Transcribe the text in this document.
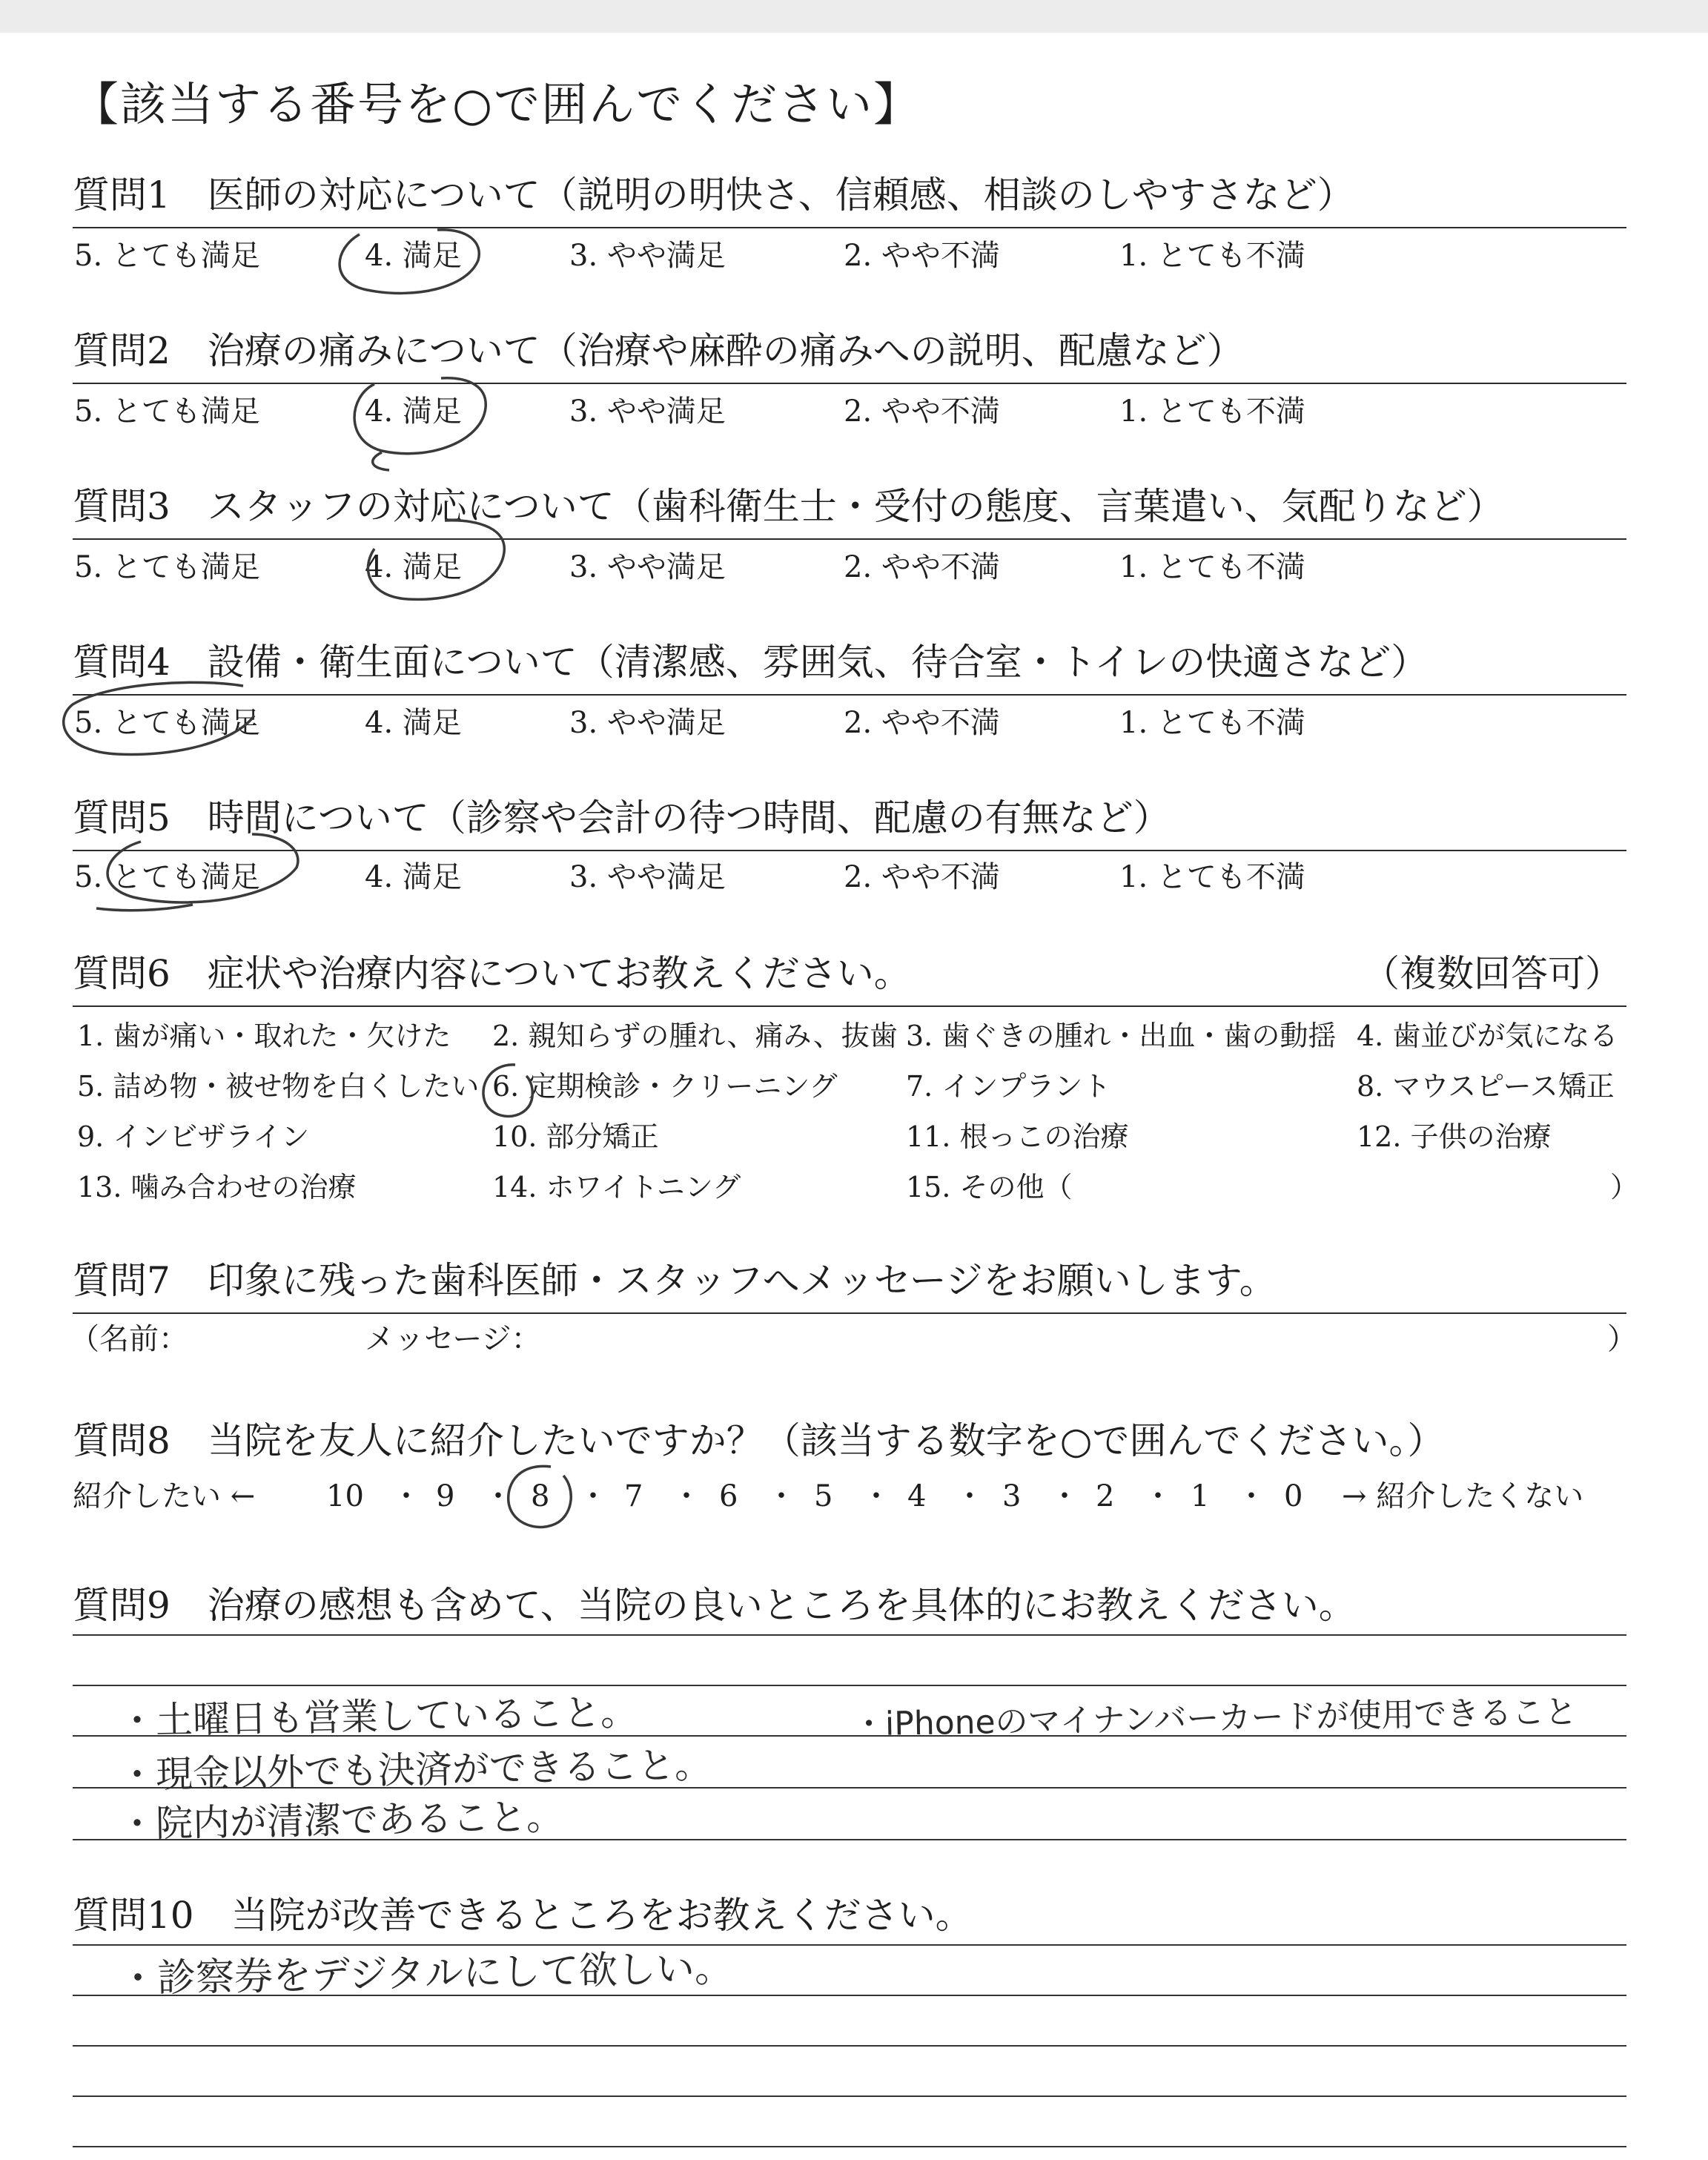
【該当する番号を○で囲んでください】
質問1　医師の対応について（説明の明快さ、信頼感、相談のしやすさなど）
5. とても満足	4. 満足	3. やや満足	2. やや不満	1. とても不満
質問2　治療の痛みについて（治療や麻酔の痛みへの説明、配慮など）
5. とても満足	4. 満足	3. やや満足	2. やや不満	1. とても不満
質問3　スタッフの対応について（歯科衛生士・受付の態度、言葉遣い、気配りなど）
5. とても満足	4. 満足	3. やや満足	2. やや不満	1. とても不満
質問4　設備・衛生面について（清潔感、雰囲気、待合室・トイレの快適さなど）
5. とても満足	4. 満足	3. やや満足	2. やや不満	1. とても不満
質問5　時間について（診察や会計の待つ時間、配慮の有無など）
5. とても満足	4. 満足	3. やや満足	2. やや不満	1. とても不満
質問6　症状や治療内容についてお教えください。	（複数回答可）
1. 歯が痛い・取れた・欠けた 2. 親知らずの腫れ、痛み、抜歯 3. 歯ぐきの腫れ・出血・歯の動揺 4. 歯並びが気になる
5. 詰め物・被せ物を白くしたい 6. 定期検診・クリーニング 7. インプラント	8. マウスピース矯正
9. インビザライン	10. 部分矯正	11. 根っこの治療	12. 子供の治療
13. 噛み合わせの治療	14. ホワイトニング	15. その他（	）
質問7　印象に残った歯科医師・スタッフへメッセージをお願いします。
（名前：	メッセージ：	）
質問8　当院を友人に紹介したいですか？（該当する数字を○で囲んでください。）
紹介したい ←	→ 紹介したくない
10 ・ 9 ・ 8 ・ 7 ・ 6 ・ 5 ・ 4 ・ 3 ・ 2 ・ 1 ・ 0
質問9　治療の感想も含めて、当院の良いところを具体的にお教えください。
・土曜日も営業していること。	・iPhoneのマイナンバーカードが使用できること
・現金以外でも決済ができること。
・院内が清潔であること。
質問10　当院が改善できるところをお教えください。
・診察券をデジタルにして欲しい。
